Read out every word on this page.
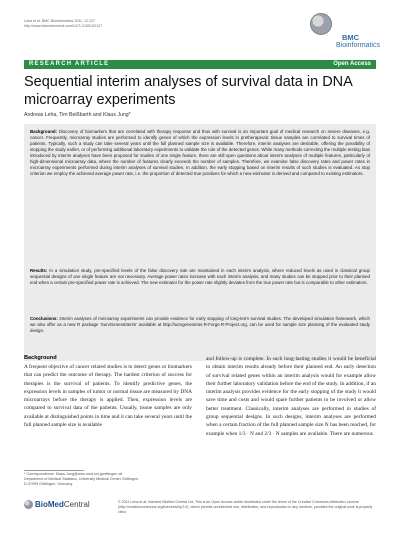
Leha et al. BMC Bioinformatics 2011, 12:127
http://www.biomedcentral.com/1471-2105/12/127
BMC
Bioinformatics
RESEARCH ARTICLE	Open Access
Sequential interim analyses of survival data in DNA microarray experiments
Andreas Leha, Tim Beißbarth and Klaus Jung*

Background: Discovery of biomarkers that are correlated with therapy response and thus with survival is an important goal of medical research on severe diseases, e.g. cancer. Frequently, microarray studies are performed to identify genes of which the expression levels in pretherapeutic tissue samples are correlated to survival times of patients. Typically, such a study can take several years until the full planned sample size is available. Therefore, interim analyses are desirable, offering the possibility of stopping the study earlier, or of performing additional laboratory experiments to validate the role of the detected genes. While many methods correcting the multiple testing bias introduced by interim analyses have been proposed for studies of one single feature, there are still open questions about interim analyses of multiple features, particularly of high-dimensional microarray data, where the number of features clearly exceeds the number of samples. Therefore, we examine false discovery rates and power rates in microarray experiments performed during interim analyses of survival studies. In addition, the early stopping based on interim results of such studies is evaluated. As stop criterion we employ the achieved average power rate, i.e. the proportion of detected true positives for which a new estimator is derived and compared to existing estimators.

Results: In a simulation study, pre-specified levels of the false discovery rate are maintained in each interim analysis, where reduced levels as used in classical group sequential designs of one single feature are not necessary. Average power rates increase with each interim analysis, and many studies can be stopped prior to their planned end when a certain pre-specified power rate is achieved. The new estimator for the power rate slightly deviates from the true power rate but is comparable to other estimators.

Conclusions: Interim analyses of microarray experiments can provide evidence for early stopping of long-term survival studies. The developed simulation framework, which we also offer as a new R package 'SurvGenesInterim' available at http://survgenesinter.R-Forge.R-Project.org, can be used for sample size planning of the evaluated study design.

Background

A frequent objective of cancer related studies is to detect genes or biomarkers that can predict the outcome of therapy. The hardest criterion of success for therapies is the survival of patients. To identify predictive genes, the expression levels in samples of tumor or normal tissue are measured by DNA microarrays before the therapy is applied. Then, expression levels are compared to survival data of the patients. Usually, tissue samples are only available at distinguished points in time and it can take several years until the full planned sample size is available

and follow-up is complete. In such long-lasting studies it would be beneficial to obtain interim results already before their planned end. An early detection of survival related genes within an interim analysis would for example allow their further laboratory validation before the end of the study. In addition, if an interim analysis provides evidence for the early stopping of the study it would save time and costs and would spare further patients to be involved or allow better treatment. Classically, interim analyses are performed in studies of group sequential designs. In such designs, interim analyses are performed when a certain fraction of the full planned sample size N has been reached, for example when 1/3 · N and 2/3 · N samples are available. There are numerous

* Correspondence: Klaus.Jung@ams.med.uni-goettingen.de
Department of Medical Statistics, University Medical Center Göttingen,
D-37099 Göttingen, Germany
BioMedCentral	© 2011 Leha et al; licensee BioMed Central Ltd. This is an Open Access article distributed under the terms of the Creative Commons Attribution License (http://creativecommons.org/licenses/by/2.0), which permits unrestricted use, distribution, and reproduction in any medium, provided the original work is properly cited.
